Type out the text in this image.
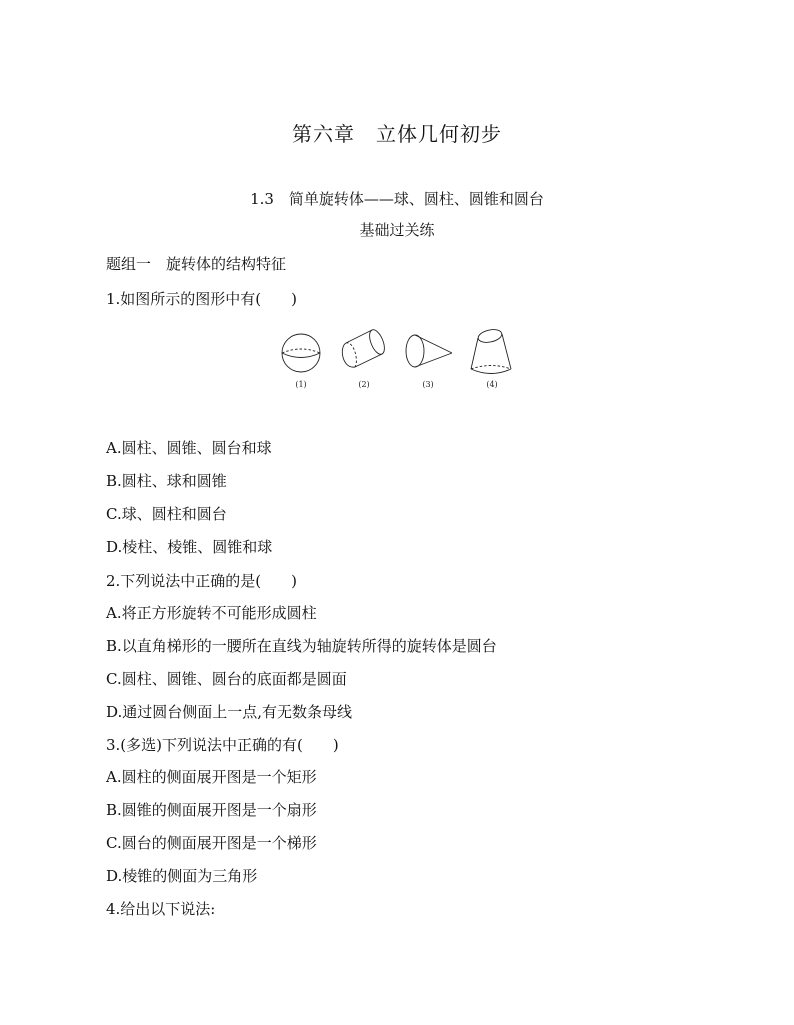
第六章　立体几何初步
1.3　简单旋转体——球、圆柱、圆锥和圆台
基础过关练
题组一　旋转体的结构特征
1.如图所示的图形中有(　　)
(1)	(2)	(3)	(4)
A.圆柱、圆锥、圆台和球
B.圆柱、球和圆锥
C.球、圆柱和圆台
D.棱柱、棱锥、圆锥和球
2.下列说法中正确的是(　　)
A.将正方形旋转不可能形成圆柱
B.以直角梯形的一腰所在直线为轴旋转所得的旋转体是圆台
C.圆柱、圆锥、圆台的底面都是圆面
D.通过圆台侧面上一点,有无数条母线
3.(多选)下列说法中正确的有(　　)
A.圆柱的侧面展开图是一个矩形
B.圆锥的侧面展开图是一个扇形
C.圆台的侧面展开图是一个梯形
D.棱锥的侧面为三角形
4.给出以下说法:
